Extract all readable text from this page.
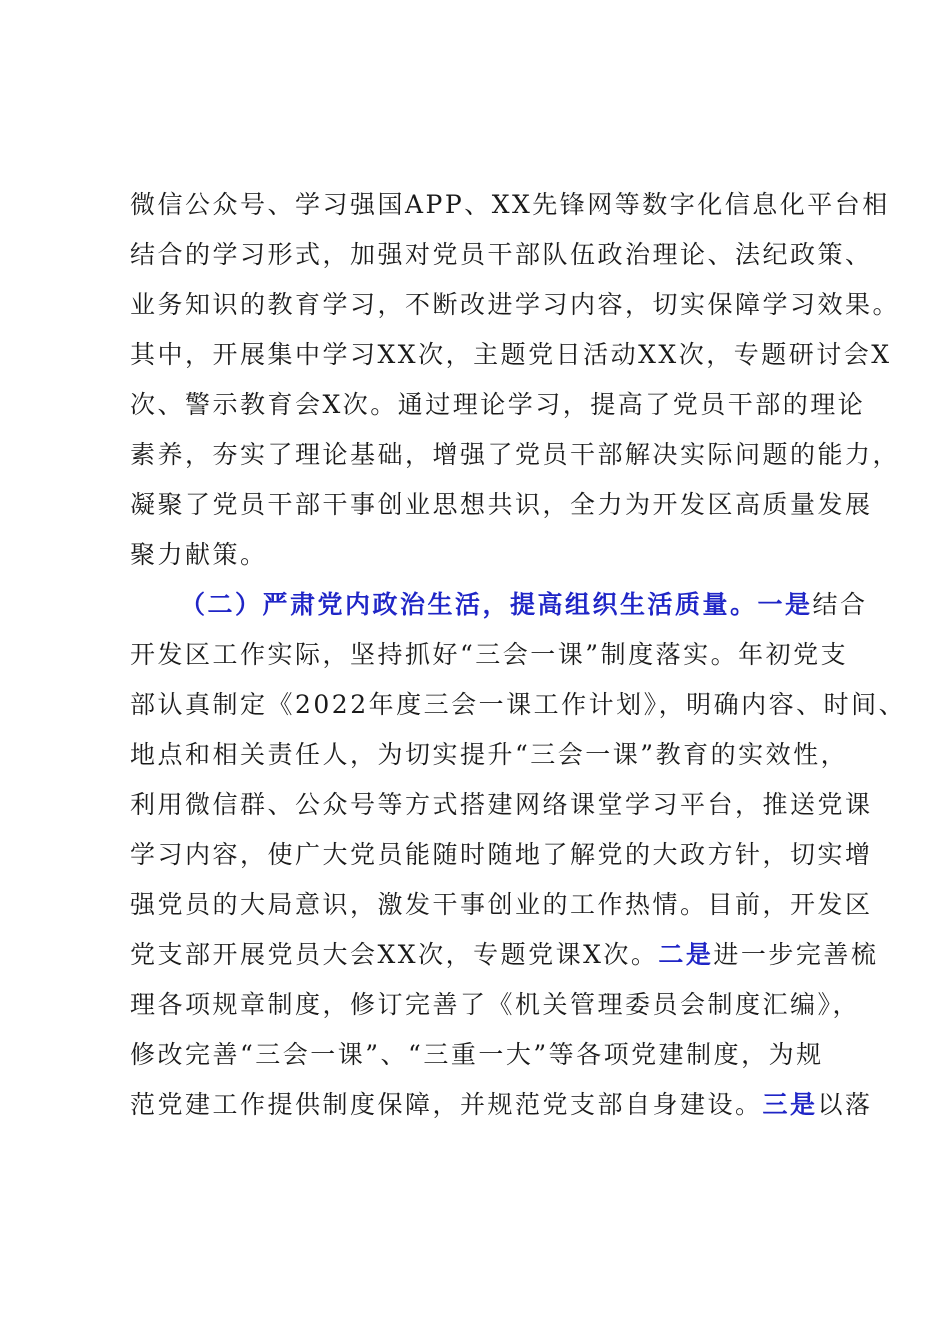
微信公众号、学习强国APP、XX先锋网等数字化信息化平台相
结合的学习形式，加强对党员干部队伍政治理论、法纪政策、
业务知识的教育学习，不断改进学习内容，切实保障学习效果。
其中，开展集中学习XX次，主题党日活动XX次，专题研讨会X
次、警示教育会X次。通过理论学习，提高了党员干部的理论
素养，夯实了理论基础，增强了党员干部解决实际问题的能力，
凝聚了党员干部干事创业思想共识，全力为开发区高质量发展
聚力献策。
（二）严肃党内政治生活，提高组织生活质量。一是结合
开发区工作实际，坚持抓好“三会一课”制度落实。年初党支
部认真制定《2022年度三会一课工作计划》，明确内容、时间、
地点和相关责任人，为切实提升“三会一课”教育的实效性，
利用微信群、公众号等方式搭建网络课堂学习平台，推送党课
学习内容，使广大党员能随时随地了解党的大政方针，切实增
强党员的大局意识，激发干事创业的工作热情。目前，开发区
党支部开展党员大会XX次，专题党课X次。二是进一步完善梳
理各项规章制度，修订完善了《机关管理委员会制度汇编》，
修改完善“三会一课”、“三重一大”等各项党建制度，为规
范党建工作提供制度保障，并规范党支部自身建设。三是以落
